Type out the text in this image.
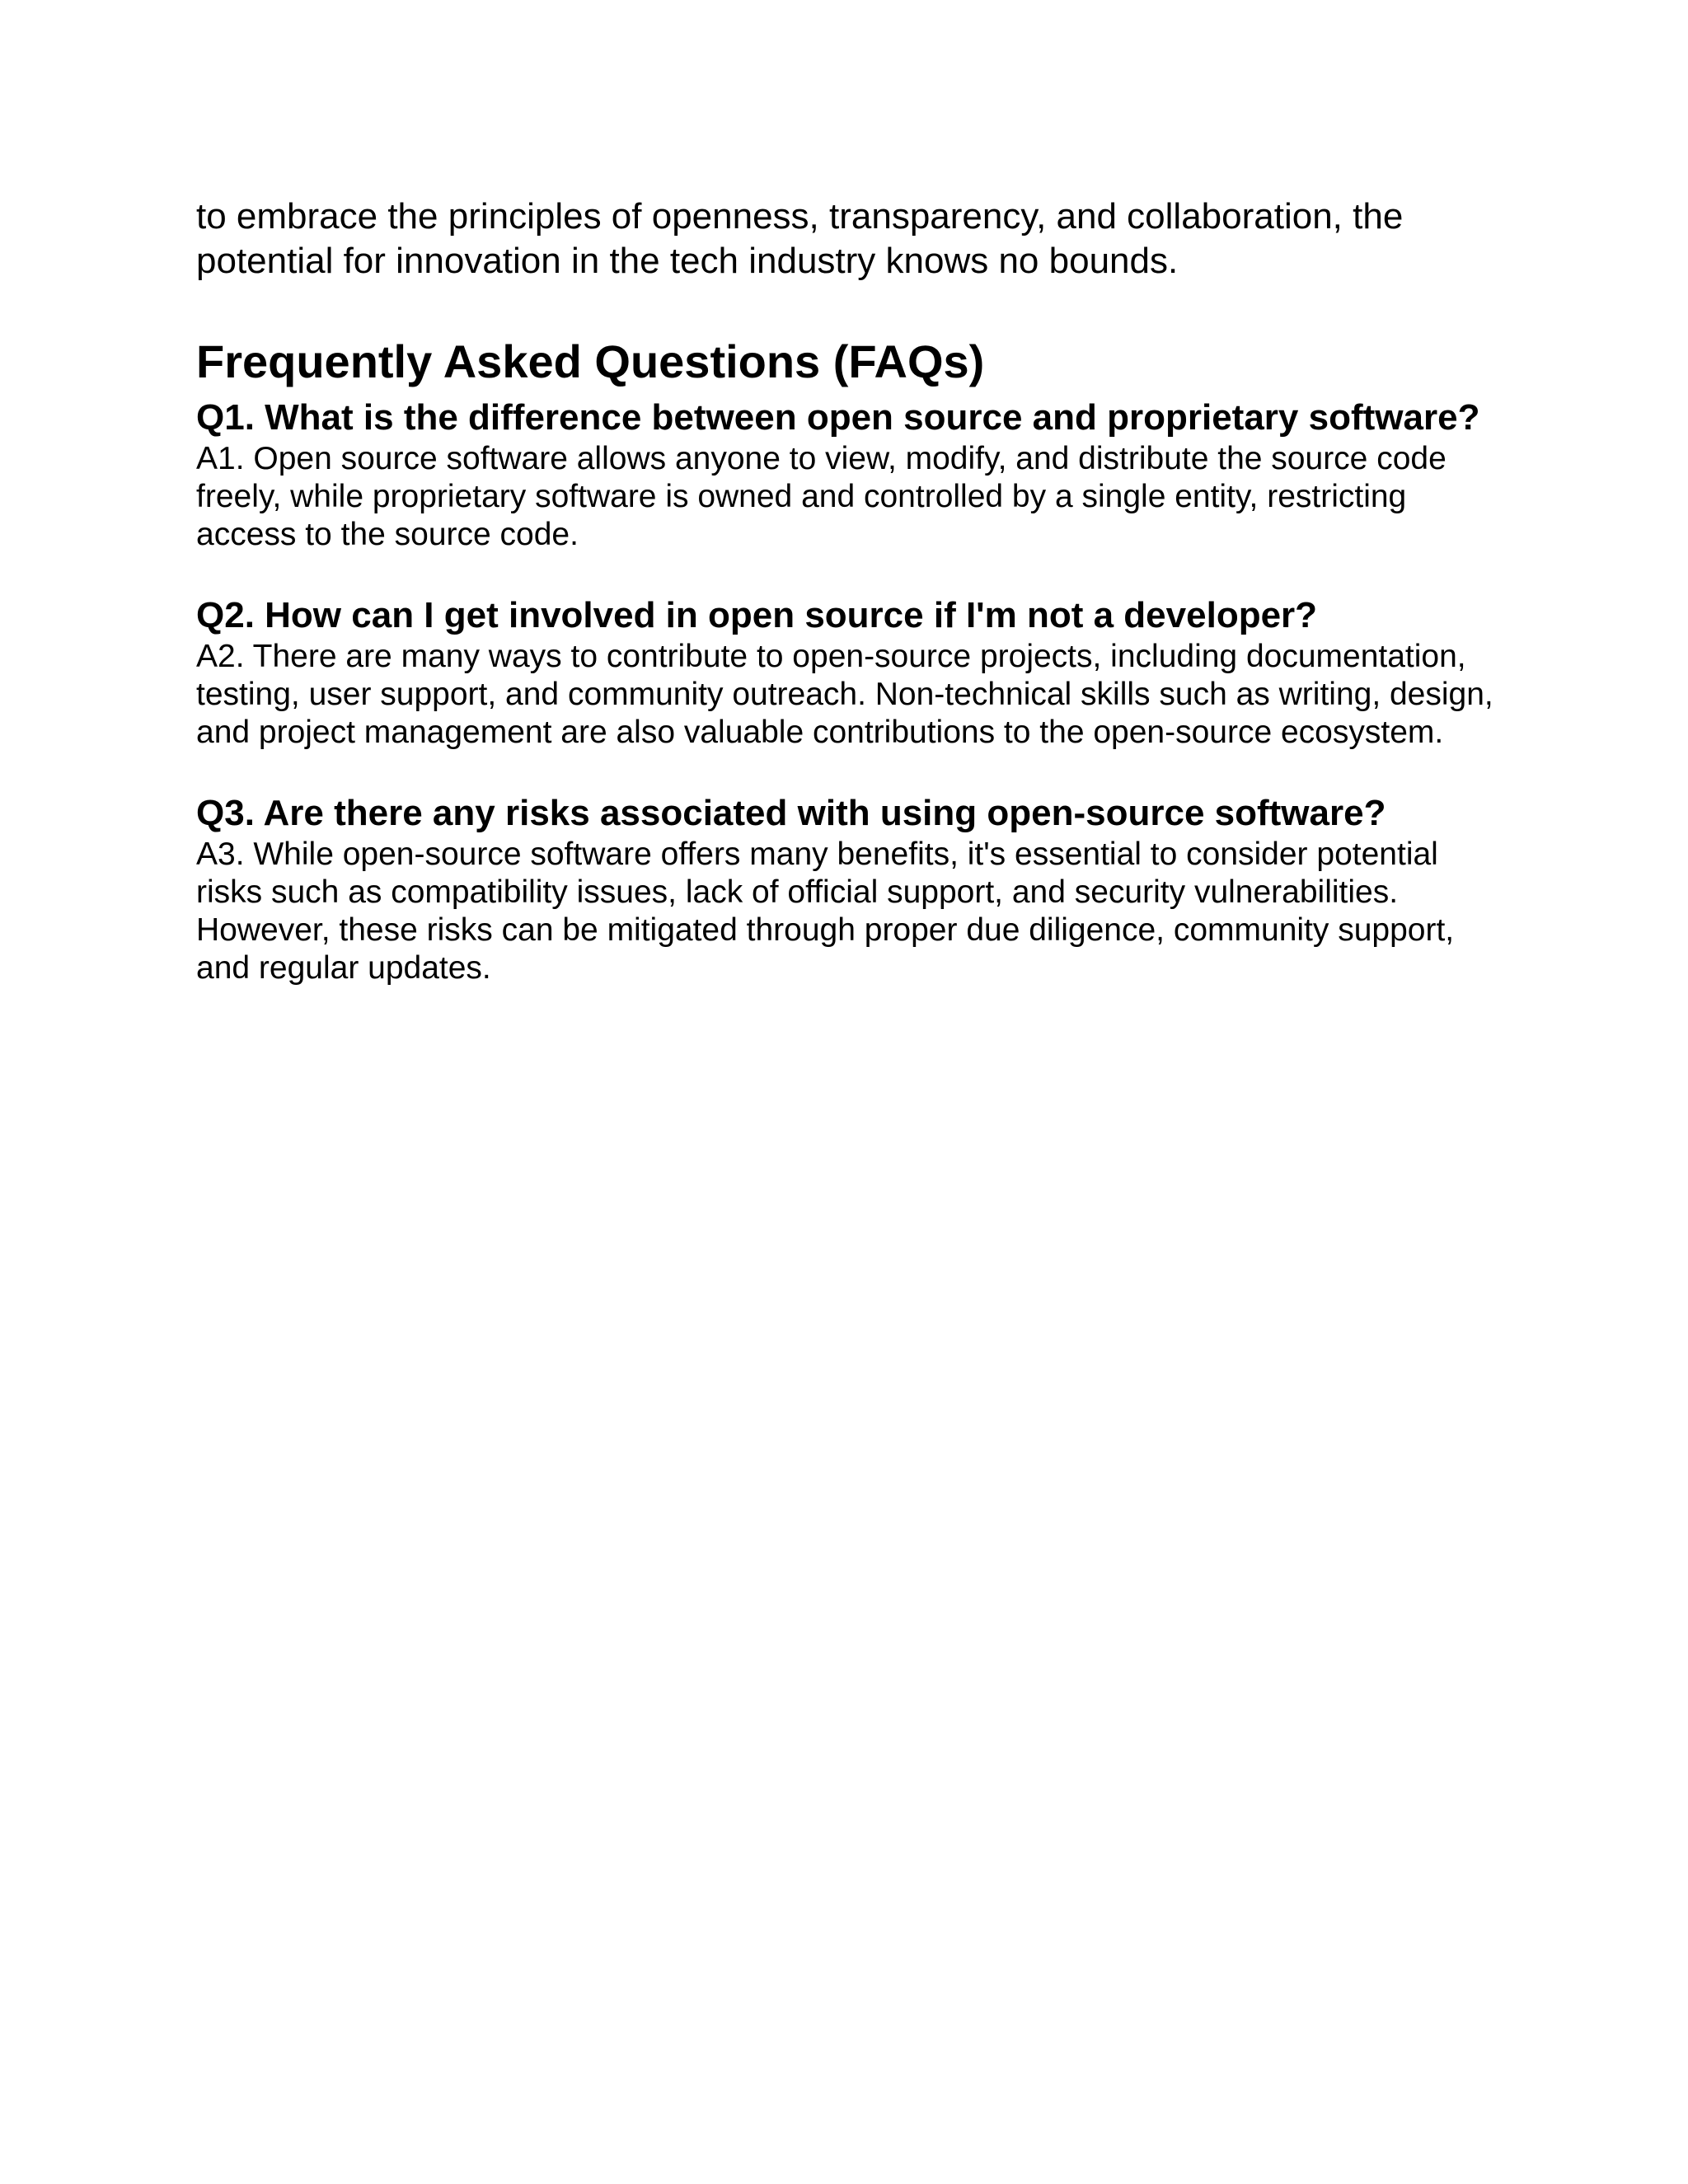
to embrace the principles of openness, transparency, and collaboration, the potential for innovation in the tech industry knows no bounds.

Frequently Asked Questions (FAQs)

Q1. What is the difference between open source and proprietary software?

A1. Open source software allows anyone to view, modify, and distribute the source code freely, while proprietary software is owned and controlled by a single entity, restricting access to the source code.

Q2. How can I get involved in open source if I'm not a developer?

A2. There are many ways to contribute to open-source projects, including documentation, testing, user support, and community outreach. Non-technical skills such as writing, design, and project management are also valuable contributions to the open-source ecosystem.

Q3. Are there any risks associated with using open-source software?

A3. While open-source software offers many benefits, it's essential to consider potential risks such as compatibility issues, lack of official support, and security vulnerabilities. However, these risks can be mitigated through proper due diligence, community support, and regular updates.
